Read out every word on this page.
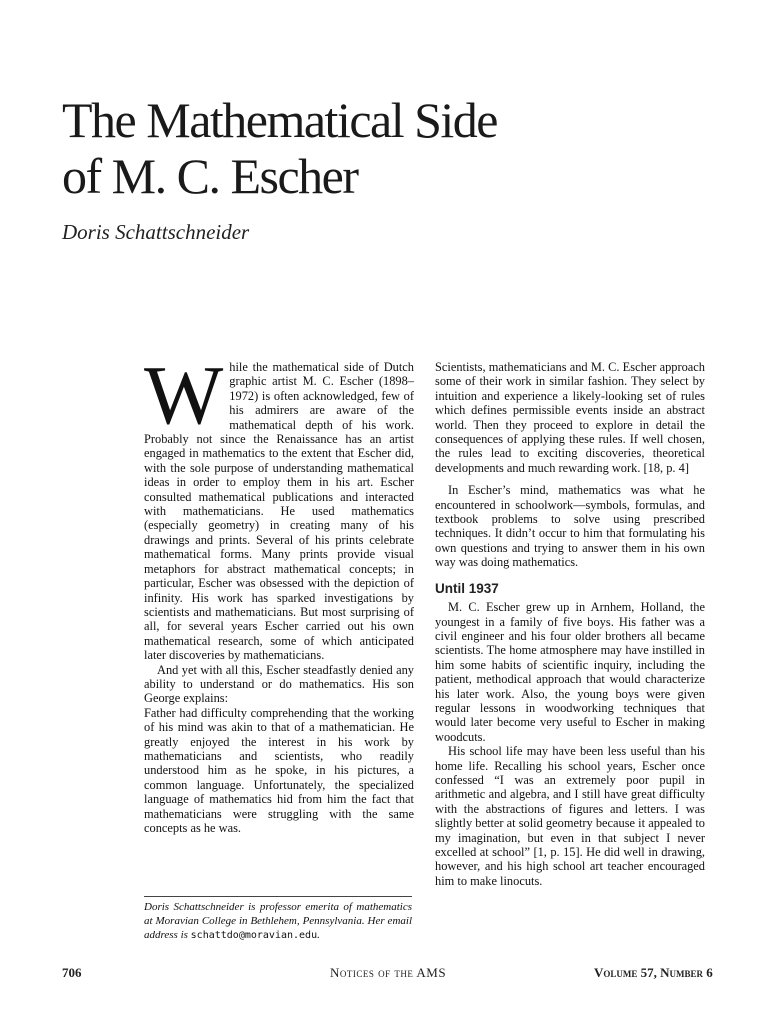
The Mathematical Side
of M. C. Escher
Doris Schattschneider

While the mathematical side of Dutch graphic artist M. C. Escher (1898–1972) is often acknowledged, few of his admirers are aware of the mathematical depth of his work. Probably not since the Renaissance has an artist engaged in mathematics to the extent that Escher did, with the sole purpose of understanding mathematical ideas in order to employ them in his art. Escher consulted mathematical publications and interacted with mathematicians. He used mathematics (especially geometry) in creating many of his drawings and prints. Several of his prints celebrate mathematical forms. Many prints provide visual metaphors for abstract mathematical concepts; in particular, Escher was obsessed with the depiction of infinity. His work has sparked investigations by scientists and mathematicians. But most surprising of all, for several years Escher carried out his own mathematical research, some of which anticipated later discoveries by mathematicians.

And yet with all this, Escher steadfastly denied any ability to understand or do mathematics. His son George explains:

Father had difficulty comprehending that the working of his mind was akin to that of a mathematician. He greatly enjoyed the interest in his work by mathematicians and scientists, who readily understood him as he spoke, in his pictures, a common language. Unfortunately, the specialized language of mathematics hid from him the fact that mathematicians were struggling with the same concepts as he was.

Scientists, mathematicians and M. C. Escher approach some of their work in similar fashion. They select by intuition and experience a likely-looking set of rules which defines permissible events inside an abstract world. Then they proceed to explore in detail the consequences of applying these rules. If well chosen, the rules lead to exciting discoveries, theoretical developments and much rewarding work. [18, p. 4]

In Escher’s mind, mathematics was what he encountered in schoolwork—symbols, formulas, and textbook problems to solve using prescribed techniques. It didn’t occur to him that formulating his own questions and trying to answer them in his own way was doing mathematics.

Until 1937

M. C. Escher grew up in Arnhem, Holland, the youngest in a family of five boys. His father was a civil engineer and his four older brothers all became scientists. The home atmosphere may have instilled in him some habits of scientific inquiry, including the patient, methodical approach that would characterize his later work. Also, the young boys were given regular lessons in woodworking techniques that would later become very useful to Escher in making woodcuts.

His school life may have been less useful than his home life. Recalling his school years, Escher once confessed “I was an extremely poor pupil in arithmetic and algebra, and I still have great difficulty with the abstractions of figures and letters. I was slightly better at solid geometry because it appealed to my imagination, but even in that subject I never excelled at school” [1, p. 15]. He did well in drawing, however, and his high school art teacher encouraged him to make linocuts.

Doris Schattschneider is professor emerita of mathematics at Moravian College in Bethlehem, Pennsylvania. Her email address is schattdo@moravian.edu.
706	Notices of the AMS	Volume 57, Number 6
